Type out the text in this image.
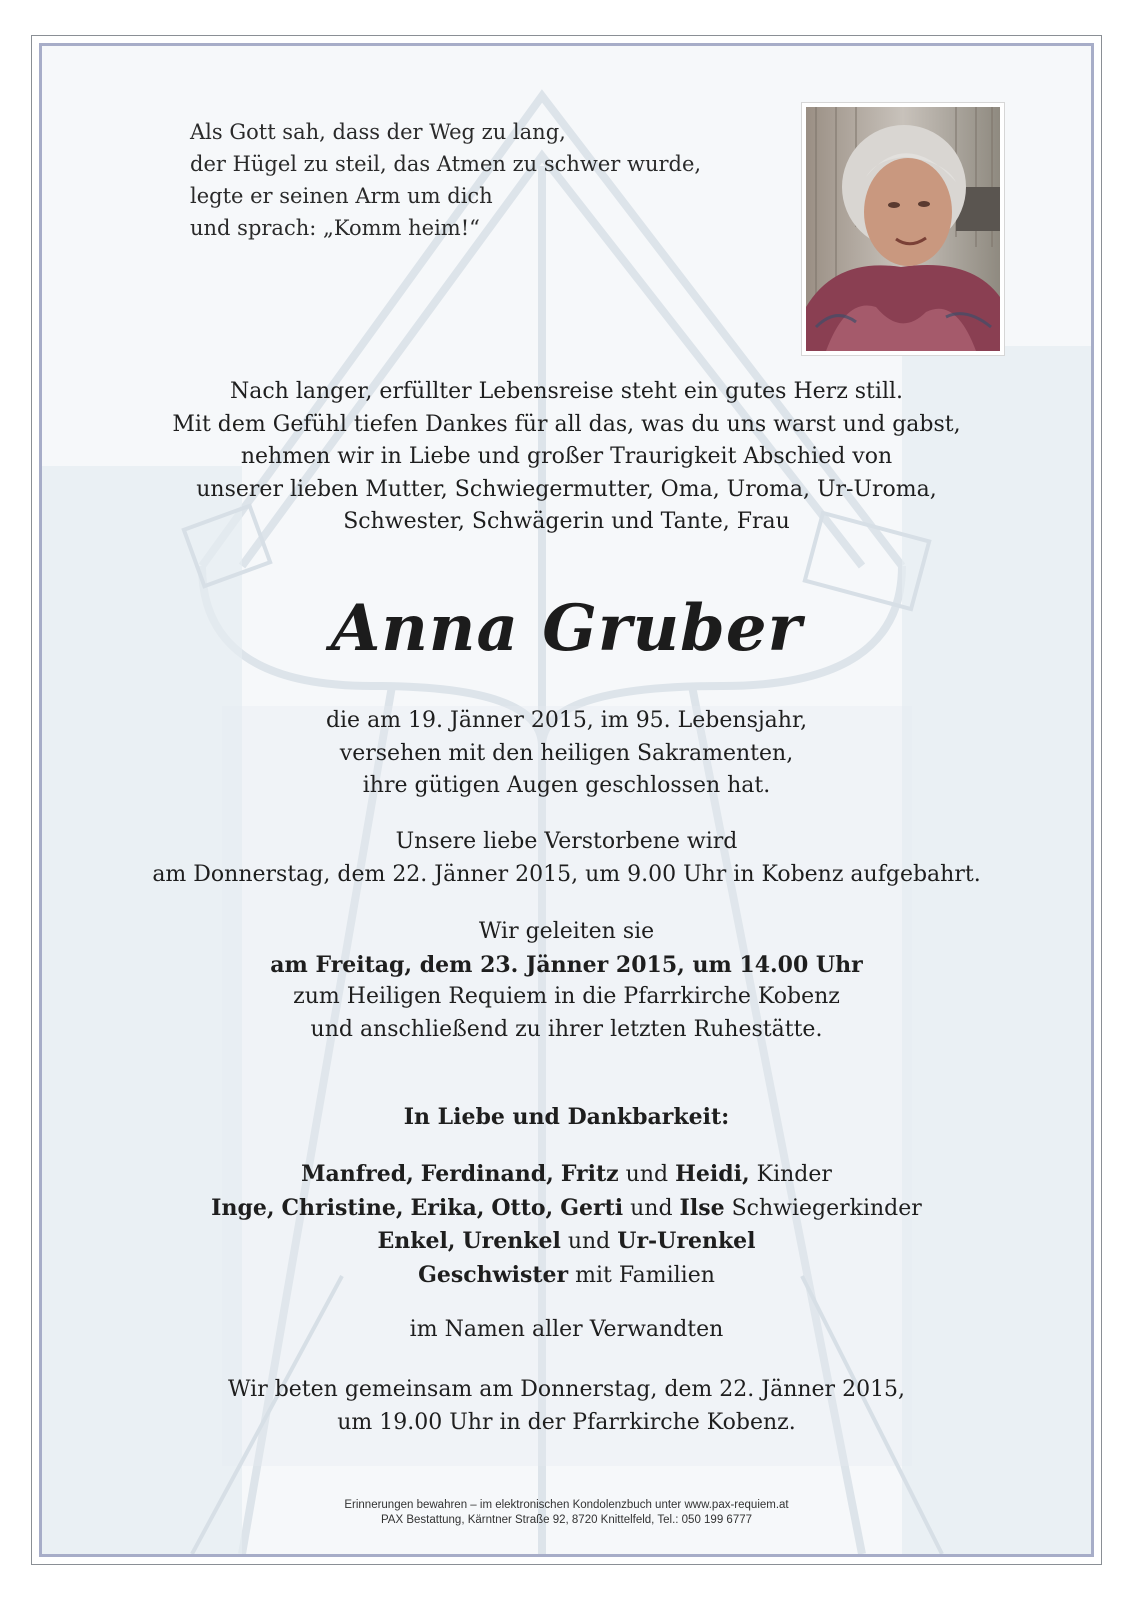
Als Gott sah, dass der Weg zu lang,
der Hügel zu steil, das Atmen zu schwer wurde,
legte er seinen Arm um dich
und sprach: „Komm heim!“
Nach langer, erfüllter Lebensreise steht ein gutes Herz still.
Mit dem Gefühl tiefen Dankes für all das, was du uns warst und gabst,
nehmen wir in Liebe und großer Traurigkeit Abschied von
unserer lieben Mutter, Schwiegermutter, Oma, Uroma, Ur-Uroma,
Schwester, Schwägerin und Tante, Frau
Anna Gruber
die am 19. Jänner 2015, im 95. Lebensjahr,
versehen mit den heiligen Sakramenten,
ihre gütigen Augen geschlossen hat.
Unsere liebe Verstorbene wird
am Donnerstag, dem 22. Jänner 2015, um 9.00 Uhr in Kobenz aufgebahrt.
Wir geleiten sie
am Freitag, dem 23. Jänner 2015, um 14.00 Uhr
zum Heiligen Requiem in die Pfarrkirche Kobenz
und anschließend zu ihrer letzten Ruhestätte.
In Liebe und Dankbarkeit:
Manfred, Ferdinand, Fritz und Heidi, Kinder
Inge, Christine, Erika, Otto, Gerti und Ilse Schwiegerkinder
Enkel, Urenkel und Ur-Urenkel
Geschwister mit Familien
im Namen aller Verwandten
Wir beten gemeinsam am Donnerstag, dem 22. Jänner 2015,
um 19.00 Uhr in der Pfarrkirche Kobenz.
Erinnerungen bewahren – im elektronischen Kondolenzbuch unter www.pax-requiem.at
PAX Bestattung, Kärntner Straße 92, 8720 Knittelfeld, Tel.: 050 199 6777
